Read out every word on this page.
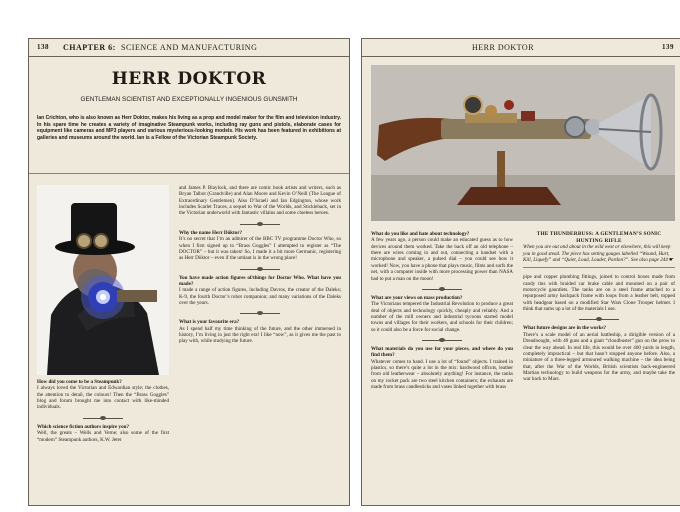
138 CHAPTER 6: SCIENCE AND MANUFACTURING
HERR DOKTOR
GENTLEMAN SCIENTIST AND EXCEPTIONALLY INGENIOUS GUNSMITH
Ian Crichton, who is also known as Herr Doktor, makes his living as a prop and model maker for the film and television industry. In his spare time he creates a variety of imaginative Steampunk works, including ray guns and pistols, elaborate cases for equipment like cameras and MP3 players and various mysterious-looking models. His work has been featured in exhibitions at galleries and museums around the world. Ian is a Fellow of the Victorian Steampunk Society.
How did you come to be a Steampunk?
I always loved the Victorian and Edwardian style; the clothes, the attention to detail, the colours! Then the “Brass Goggles” blog and forum brought me into contact with like-minded individuals.
Which science fiction authors inspire you?
Well, the greats – Wells and Verne; also some of the first “modern” Steampunk authors, K.W. Jeter
and James P. Blaylock, and there are comic book artists and writers, such as Bryan Talbot (Grandville) and Alan Moore and Kevin O’Neill (The League of Extraordinary Gentlemen). Also D’Israeli and Ian Edgington, whose work includes Scarlet Traces, a sequel to War of the Worlds, and Stickleback, set in the Victorian underworld with fantastic villains and some clueless heroes.
Why the name Herr Döktor?
It’s no secret that I’m an admirer of the BBC TV programme Doctor Who, so when I first signed up to “Brass Goggles” I attempted to register as “The DOCTOR” – but it was taken! So, I made it a bit more Germanic, registering as Herr Döktor – even if the umlaut is in the wrong place!
You have made action figures of/things for Doctor Who. What have you made?
I made a range of action figures, including Davros, the creator of the Daleks; K-9, the fourth Doctor’s robot companion; and many variations of the Daleks over the years.
What is your favourite era?
As I spend half my time thinking of the future, and the other immersed in history, I’m living in just the right era! I like “now”, as it gives me the past to play with, while studying the future.
HERR DOKTOR	139
What do you like and hate about technology?
A few years ago, a person could make an educated guess as to how devices around them worked. Take the back off an old telephone – there are wires coming in and out, connecting a handset with a microphone and speaker, a pulsed dial – you could see how it worked! Now, you have a phone that plays music, films and surfs the net, with a computer inside with more processing power than NASA had to put a man on the moon!
What are your views on mass production?
The Victorians tempered the Industrial Revolution to produce a great deal of objects and technology quickly, cheaply and reliably. And a number of the mill owners and industrial tycoons started model towns and villages for their workers, and schools for their children; so it could also be a force for social change.
What materials do you use for your pieces, and where do you find them?
Whatever comes to hand. I use a lot of “found” objects. I trained in plastics, so there’s quite a lot in the mix: hardwood offcuts, leather from old leatherwear – absolutely anything! For instance, the tanks on my rocket pack are two steel kitchen containers; the exhausts are made from brass candlesticks and vases linked together with brass
THE THUNDERBUSS: A GENTLEMAN’S SONIC HUNTING RIFLE
When you are out and about in the wild west or elsewhere, this will keep you in good stead. The piece has setting gauges labelled “Wound, Hurt, Kill, Liquefy” and “Quiet, Loud, Louder, Pardon?”. See also page 244 ☛
pipe and copper plumbing fittings, joined to control boxes made from candy tins with braided car brake cable and mounted on a pair of motorcycle gauntlets. The tanks are on a steel frame attached to a repurposed army backpack frame with loops from a leather belt, topped with headgear based on a modified Star Wars Clone Trooper helmet. I think that sums up a lot of the materials I use.
What future designs are in the works?
There’s a scale model of an aerial battleship, a dirigible version of a Dreadnought, with 40 guns and a giant “cloudbuster” gun on the prow to clear the way ahead. In real life, this would be over 400 yards in length, completely impractical – but that hasn’t stopped anyone before. Also, a miniature of a three-legged armoured walking machine – the idea being that, after the War of the Worlds, British scientists back-engineered Martian technology to build weapons for the army, and maybe take the war back to Mars.
